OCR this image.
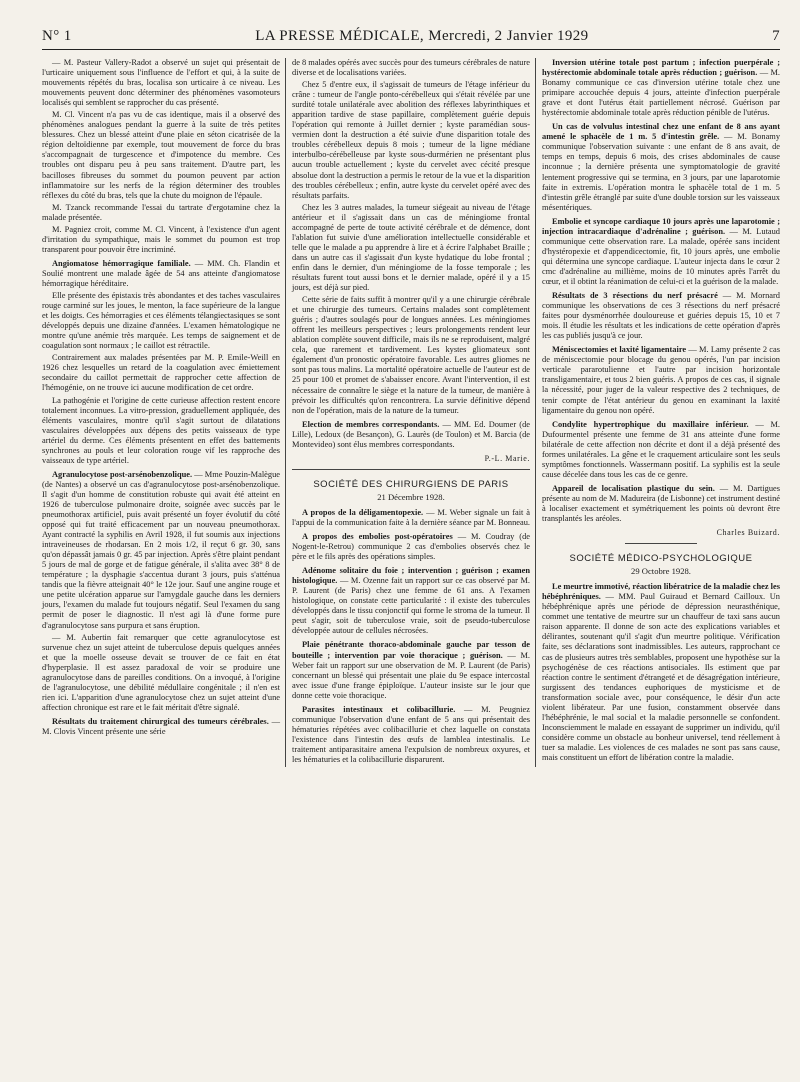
N° 1	LA PRESSE MÉDICALE, Mercredi, 2 Janvier 1929	7

— M. Pasteur Vallery-Radot a observé un sujet qui présentait de l'urticaire uniquement sous l'influence de l'effort et qui, à la suite de mouvements répétés du bras, localisa son urticaire à ce niveau. Les mouvements peuvent donc déterminer des phénomènes vasomoteurs localisés qui semblent se rapprocher du cas présenté.

M. Cl. Vincent n'a pas vu de cas identique, mais il a observé des phénomènes analogues pendant la guerre à la suite de très petites blessures. Chez un blessé atteint d'une plaie en séton cicatrisée de la région deltoïdienne par exemple, tout mouvement de force du bras s'accompagnait de turgescence et d'impotence du membre. Ces troubles ont disparu peu à peu sans traitement. D'autre part, les bacilloses fibreuses du sommet du poumon peuvent par action inflammatoire sur les nerfs de la région déterminer des troubles réflexes du côté du bras, tels que la chute du moignon de l'épaule.

M. Tzanck recommande l'essai du tartrate d'ergotamine chez la malade présentée.

M. Pagniez croit, comme M. Cl. Vincent, à l'existence d'un agent d'irritation du sympathique, mais le sommet du poumon est trop transparent pour pouvoir être incriminé.

Angiomatose hémorragique familiale. — MM. Ch. Flandin et Soulié montrent une malade âgée de 54 ans atteinte d'angiomatose hémorragique héréditaire.

Elle présente des épistaxis très abondantes et des taches vasculaires rouge carminé sur les joues, le menton, la face supérieure de la langue et les doigts. Ces hémorragies et ces éléments télangiectasiques se sont développés depuis une dizaine d'années. L'examen hématologique ne montre qu'une anémie très marquée. Les temps de saignement et de coagulation sont normaux ; le caillot est rétractile.

Contrairement aux malades présentées par M. P. Emile-Weill en 1926 chez lesquelles un retard de la coagulation avec émiettement secondaire du caillot permettait de rapprocher cette affection de l'hémogénie, on ne trouve ici aucune modification de cet ordre.

La pathogénie et l'origine de cette curieuse affection restent encore totalement inconnues. La vitro-pression, graduellement appliquée, des éléments vasculaires, montre qu'il s'agit surtout de dilatations vasculaires développées aux dépens des petits vaisseaux de type artériel du derme. Ces éléments présentent en effet des battements synchrones au pouls et leur coloration rouge vif les rapproche des vaisseaux de type artériel.

Agranulocytose post-arsénobenzolique. — Mme Pouzin-Malègue (de Nantes) a observé un cas d'agranulocytose post-arsénobenzolique. Il s'agit d'un homme de constitution robuste qui avait été atteint en 1926 de tuberculose pulmonaire droite, soignée avec succès par le pneumothorax artificiel, puis avait présenté un foyer évolutif du côté opposé qui fut traité efficacement par un nouveau pneumothorax. Ayant contracté la syphilis en Avril 1928, il fut soumis aux injections intraveineuses de rhodarsan. En 2 mois 1/2, il reçut 6 gr. 30, sans qu'on dépassât jamais 0 gr. 45 par injection. Après s'être plaint pendant 5 jours de mal de gorge et de fatigue générale, il s'alita avec 38° 8 de température ; la dysphagie s'accentua durant 3 jours, puis s'atténua tandis que la fièvre atteignait 40° le 12e jour. Sauf une angine rouge et une petite ulcération apparue sur l'amygdale gauche dans les derniers jours, l'examen du malade fut toujours négatif. Seul l'examen du sang permit de poser le diagnostic. Il n'est agi là d'une forme pure d'agranulocytose sans purpura et sans éruption.

— M. Aubertin fait remarquer que cette agranulocytose est survenue chez un sujet atteint de tuberculose depuis quelques années et que la moelle osseuse devait se trouver de ce fait en état d'hyperplasie. Il est assez paradoxal de voir se produire une agranulocytose dans de pareilles conditions. On a invoqué, à l'origine de l'agranulocytose, une débilité médullaire congénitale ; il n'en est rien ici. L'apparition d'une agranulocytose chez un sujet atteint d'une affection chronique est rare et le fait méritait d'être signalé.

Résultats du traitement chirurgical des tumeurs cérébrales. — M. Clovis Vincent présente une série

de 8 malades opérés avec succès pour des tumeurs cérébrales de nature diverse et de localisations variées.

Chez 5 d'entre eux, il s'agissait de tumeurs de l'étage inférieur du crâne : tumeur de l'angle ponto-cérébelleux qui s'était révélée par une surdité totale unilatérale avec abolition des réflexes labyrinthiques et apparition tardive de stase papillaire, complètement guérie depuis l'opération qui remonte à Juillet dernier ; kyste paramédian sous-vermien dont la destruction a été suivie d'une disparition totale des troubles cérébelleux depuis 8 mois ; tumeur de la ligne médiane interbulbo-cérébelleuse par kyste sous-durmérien ne présentant plus aucun trouble actuellement ; kyste du cervelet avec cécité presque absolue dont la destruction a permis le retour de la vue et la disparition des troubles cérébelleux ; enfin, autre kyste du cervelet opéré avec des résultats parfaits.

Chez les 3 autres malades, la tumeur siégeait au niveau de l'étage antérieur et il s'agissait dans un cas de méningiome frontal accompagné de perte de toute activité cérébrale et de démence, dont l'ablation fut suivie d'une amélioration intellectuelle considérable et telle que le malade a pu apprendre à lire et à écrire l'alphabet Braille ; dans un autre cas il s'agissait d'un kyste hydatique du lobe frontal ; enfin dans le dernier, d'un méningiome de la fosse temporale ; les résultats furent tout aussi bons et le dernier malade, opéré il y a 15 jours, est déjà sur pied.

Cette série de faits suffit à montrer qu'il y a une chirurgie cérébrale et une chirurgie des tumeurs. Certains malades sont complètement guéris ; d'autres soulagés pour de longues années. Les méningiomes offrent les meilleurs perspectives ; leurs prolongements rendent leur ablation complète souvent difficile, mais ils ne se reproduisent, malgré cela, que rarement et tardivement. Les kystes gliomateux sont également d'un pronostic opératoire favorable. Les autres gliomes ne sont pas tous malins. La mortalité opératoire actuelle de l'auteur est de 25 pour 100 et promet de s'abaisser encore. Avant l'intervention, il est nécessaire de connaître le siège et la nature de la tumeur, de manière à prévoir les difficultés qu'on rencontrera. La survie définitive dépend non de l'opération, mais de la nature de la tumeur.

Election de membres correspondants. — MM. Ed. Doumer (de Lille), Ledoux (de Besançon), G. Laurès (de Toulon) et M. Barcia (de Montevideo) sont élus membres correspondants.

P.-L. Marie.
SOCIÉTÉ DES CHIRURGIENS DE PARIS
21 Décembre 1928.

A propos de la déligamentopexie. — M. Weber signale un fait à l'appui de la communication faite à la dernière séance par M. Bonneau.

A propos des embolies post-opératoires — M. Coudray (de Nogent-le-Retrou) communique 2 cas d'embolies observés chez le père et le fils après des opérations simples.

Adénome solitaire du foie ; intervention ; guérison ; examen histologique. — M. Ozenne fait un rapport sur ce cas observé par M. P. Laurent (de Paris) chez une femme de 61 ans. A l'examen histologique, on constate cette particularité : il existe des tubercules développés dans le tissu conjonctif qui forme le stroma de la tumeur. Il peut s'agir, soit de tuberculose vraie, soit de pseudo-tuberculose développée autour de cellules nécrosées.

Plaie pénétrante thoraco-abdominale gauche par tesson de bouteille ; intervention par voie thoracique ; guérison. — M. Weber fait un rapport sur une observation de M. P. Laurent (de Paris) concernant un blessé qui présentait une plaie du 9e espace intercostal avec issue d'une frange épiploïque. L'auteur insiste sur le jour que donne cette voie thoracique.

Parasites intestinaux et colibacillurie. — M. Peugniez communique l'observation d'une enfant de 5 ans qui présentait des hématuries répétées avec colibacillurie et chez laquelle on constata l'existence dans l'intestin des œufs de lamblea intestinalis. Le traitement antiparasitaire amena l'expulsion de nombreux oxyures, et les hématuries et la colibacillurie disparurent.

Inversion utérine totale post partum ; infection puerpérale ; hystérectomie abdominale totale après réduction ; guérison. — M. Bonamy communique ce cas d'inversion utérine totale chez une primipare accouchée depuis 4 jours, atteinte d'infection puerpérale grave et dont l'utérus était partiellement nécrosé. Guérison par hystérectomie abdominale totale après réduction pénible de l'utérus.

Un cas de volvulus intestinal chez une enfant de 8 ans ayant amené le sphacèle de 1 m. 5 d'intestin grêle. — M. Bonamy communique l'observation suivante : une enfant de 8 ans avait, de temps en temps, depuis 6 mois, des crises abdominales de cause inconnue ; la dernière présenta une symptomatologie de gravité lentement progressive qui se termina, en 3 jours, par une laparotomie faite in extremis. L'opération montra le sphacèle total de 1 m. 5 d'intestin grêle étranglé par suite d'une double torsion sur les vaisseaux mésentériques.

Embolie et syncope cardiaque 10 jours après une laparotomie ; injection intracardiaque d'adrénaline ; guérison. — M. Lutaud communique cette observation rare. La malade, opérée sans incident d'hystéropexie et d'appendicectomie, fit, 10 jours après, une embolie qui détermina une syncope cardiaque. L'auteur injecta dans le cœur 2 cmc d'adrénaline au millième, moins de 10 minutes après l'arrêt du cœur, et il obtint la réanimation de celui-ci et la guérison de la malade.

Résultats de 3 résections du nerf présacré — M. Mornard communique les observations de ces 3 résections du nerf présacré faites pour dysménorrhée douloureuse et guéries depuis 15, 10 et 7 mois. Il étudie les résultats et les indications de cette opération d'après les cas publiés jusqu'à ce jour.

Méniscectomies et laxité ligamentaire — M. Lamy présente 2 cas de méniscectomie pour blocage du genou opérés, l'un par incision verticale pararotulienne et l'autre par incision horizontale transligamentaire, et tous 2 bien guéris. A propos de ces cas, il signale la nécessité, pour juger de la valeur respective des 2 techniques, de tenir compte de l'état antérieur du genou en examinant la laxité ligamentaire du genou non opéré.

Condylite hypertrophique du maxillaire inférieur. — M. Dufourmentel présente une femme de 31 ans atteinte d'une forme bilatérale de cette affection non décrite et dont il a déjà présenté des formes unilatérales. La gêne et le craquement articulaire sont les seuls symptômes fonctionnels. Wassermann positif. La syphilis est la seule cause décelée dans tous les cas de ce genre.

Appareil de localisation plastique du sein. — M. Dartigues présente au nom de M. Madureira (de Lisbonne) cet instrument destiné à localiser exactement et symétriquement les points où devront être transplantés les aréoles.

Charles Buizard.
SOCIÉTÉ MÉDICO-PSYCHOLOGIQUE
29 Octobre 1928.

Le meurtre immotivé, réaction libératrice de la maladie chez les hébéphréniques. — MM. Paul Guiraud et Bernard Cailloux. Un hébéphrénique après une période de dépression neurasthénique, commet une tentative de meurtre sur un chauffeur de taxi sans aucun raison apparente. Il donne de son acte des explications variables et délirantes, soutenant qu'il s'agit d'un meurtre politique. Vérification faite, ses déclarations sont inadmissibles. Les auteurs, rapprochant ce cas de plusieurs autres très semblables, proposent une hypothèse sur la psychogénèse de ces réactions antisociales. Ils estiment que par réaction contre le sentiment d'étrangeté et de désagrégation intérieure, surgissent des tendances euphoriques de mysticisme et de transformation sociale avec, pour conséquence, le désir d'un acte violent libérateur. Par une fusion, constamment observée dans l'hébéphrénie, le mal social et la maladie personnelle se confondent. Inconsciemment le malade en essayant de supprimer un individu, qu'il considère comme un obstacle au bonheur universel, tend réellement à tuer sa maladie. Les violences de ces malades ne sont pas sans cause, mais constituent un effort de libération contre la maladie.
